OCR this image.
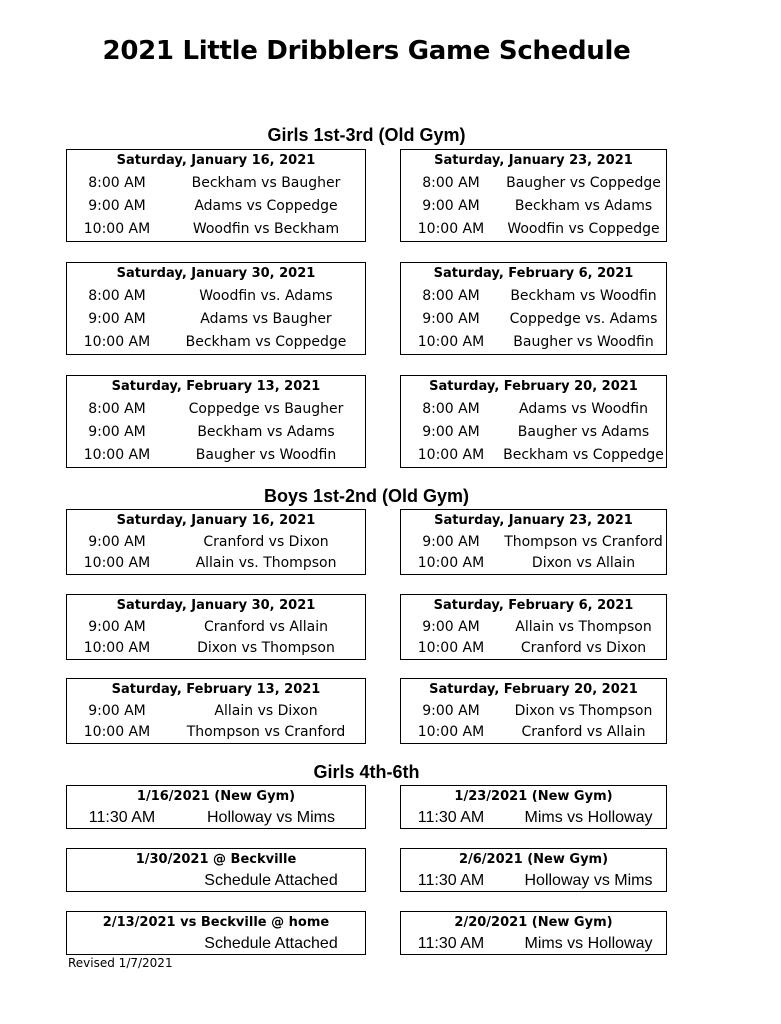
2021 Little Dribblers Game Schedule
Girls 1st-3rd (Old Gym)
Saturday, January 16, 2021
8:00 AM	Beckham vs Baugher
9:00 AM	Adams vs Coppedge
10:00 AM	Woodfin vs Beckham
Saturday, January 23, 2021
8:00 AM	Baugher vs Coppedge
9:00 AM	Beckham vs Adams
10:00 AM	Woodfin vs Coppedge
Saturday, January 30, 2021
8:00 AM	Woodfin vs. Adams
9:00 AM	Adams vs Baugher
10:00 AM	Beckham vs Coppedge
Saturday, February 6, 2021
8:00 AM	Beckham vs Woodfin
9:00 AM	Coppedge vs. Adams
10:00 AM	Baugher vs Woodfin
Saturday, February 13, 2021
8:00 AM	Coppedge vs Baugher
9:00 AM	Beckham vs Adams
10:00 AM	Baugher vs Woodfin
Saturday, February 20, 2021
8:00 AM	Adams vs Woodfin
9:00 AM	Baugher vs Adams
10:00 AM	Beckham vs Coppedge
Boys 1st-2nd (Old Gym)
Saturday, January 16, 2021
9:00 AM	Cranford vs Dixon
10:00 AM	Allain vs. Thompson
Saturday, January 23, 2021
9:00 AM	Thompson vs Cranford
10:00 AM	Dixon vs Allain
Saturday, January 30, 2021
9:00 AM	Cranford vs Allain
10:00 AM	Dixon vs Thompson
Saturday, February 6, 2021
9:00 AM	Allain vs Thompson
10:00 AM	Cranford vs Dixon
Saturday, February 13, 2021
9:00 AM	Allain vs Dixon
10:00 AM	Thompson vs Cranford
Saturday, February 20, 2021
9:00 AM	Dixon vs Thompson
10:00 AM	Cranford vs Allain
Girls 4th-6th
1/16/2021 (New Gym)
11:30 AM	Holloway vs Mims
1/23/2021 (New Gym)
11:30 AM	Mims vs Holloway
1/30/2021 @ Beckville
Schedule Attached
2/6/2021 (New Gym)
11:30 AM	Holloway vs Mims
2/13/2021 vs Beckville @ home
Schedule Attached
2/20/2021 (New Gym)
11:30 AM	Mims vs Holloway
Revised 1/7/2021
